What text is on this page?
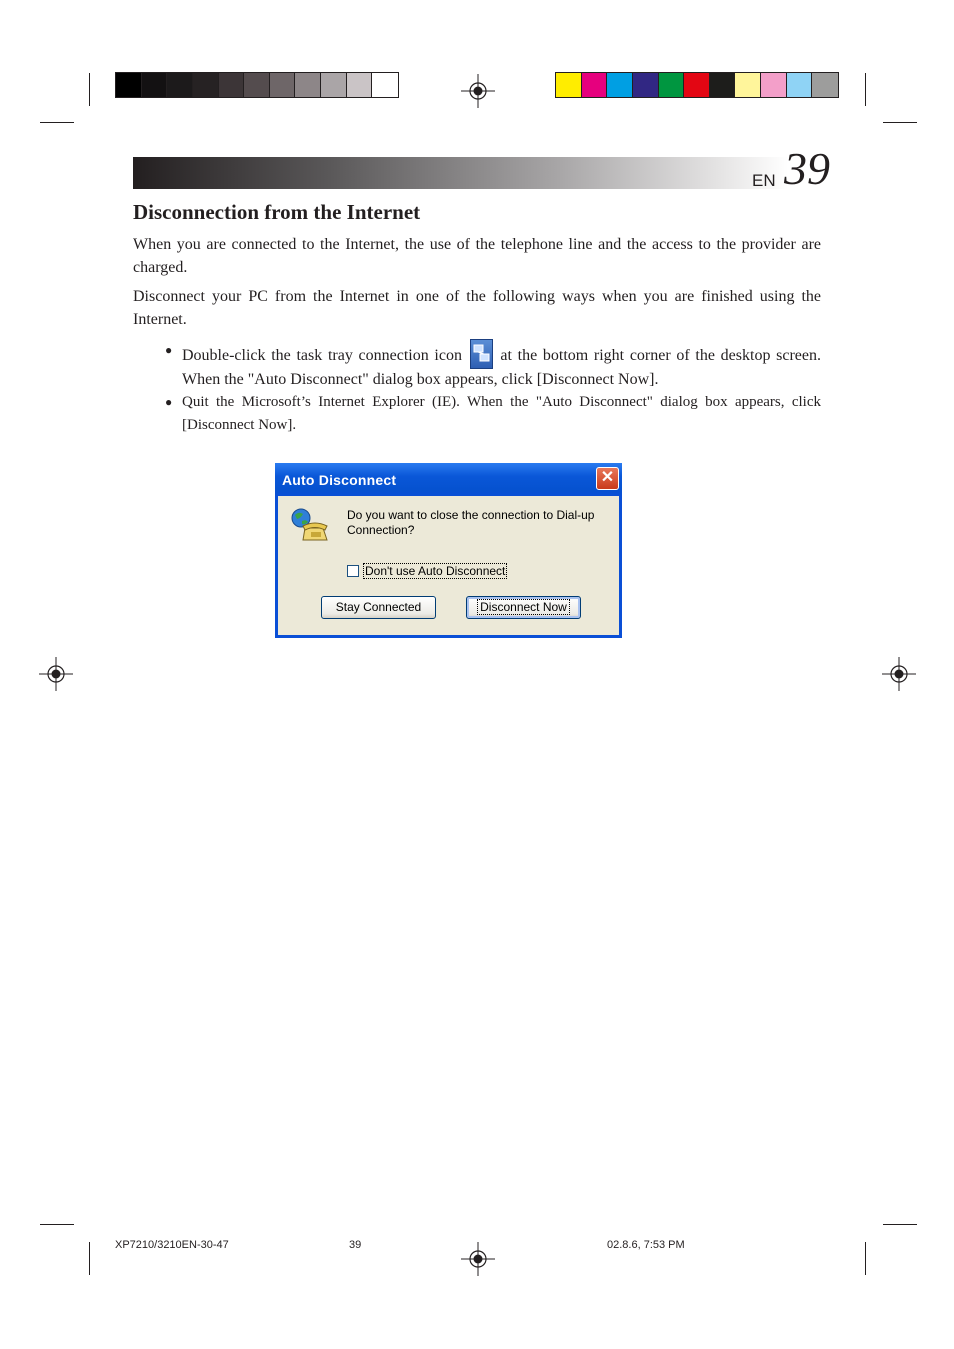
EN 39
Disconnection from the Internet

When you are connected to the Internet, the use of the telephone line and the access to the provider are charged.

Disconnect your PC from the Internet in one of the following ways when you are finished using the Internet.

● Double-click the task tray connection icon at the bottom right corner of the desktop screen. When the "Auto Disconnect" dialog box appears, click [Disconnect Now].
● Quit the Microsoft’s Internet Explorer (IE). When the "Auto Disconnect" dialog box appears, click [Disconnect Now].
Auto Disconnect	✕
Do you want to close the connection to Dial-up Connection?
Don't use Auto Disconnect
Stay Connected	Disconnect Now
XP7210/3210EN-30-47	39	02.8.6, 7:53 PM
